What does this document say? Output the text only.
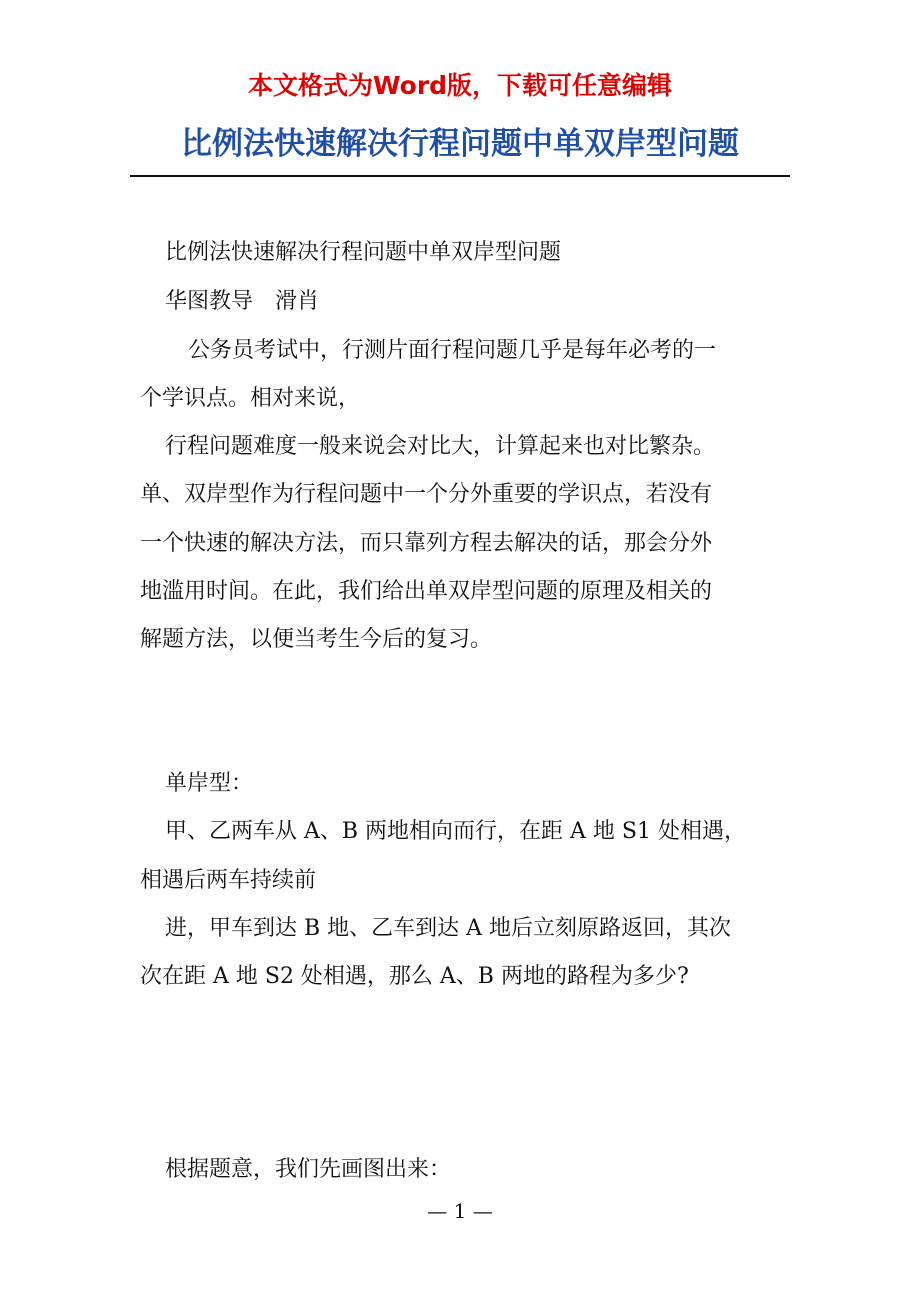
本文格式为Word版，下载可任意编辑

比例法快速解决行程问题中单双岸型问题

比例法快速解决行程问题中单双岸型问题

华图教导　滑肖

公务员考试中，行测片面行程问题几乎是每年必考的一

个学识点。相对来说，

行程问题难度一般来说会对比大，计算起来也对比繁杂。

单、双岸型作为行程问题中一个分外重要的学识点，若没有

一个快速的解决方法，而只靠列方程去解决的话，那会分外

地滥用时间。在此，我们给出单双岸型问题的原理及相关的

解题方法，以便当考生今后的复习。

单岸型：

甲、乙两车从 A、B 两地相向而行，在距 A 地 S1 处相遇，

相遇后两车持续前

进，甲车到达 B 地、乙车到达 A 地后立刻原路返回，其次

次在距 A 地 S2 处相遇，那么 A、B 两地的路程为多少?

根据题意，我们先画图出来：

— 1 —
